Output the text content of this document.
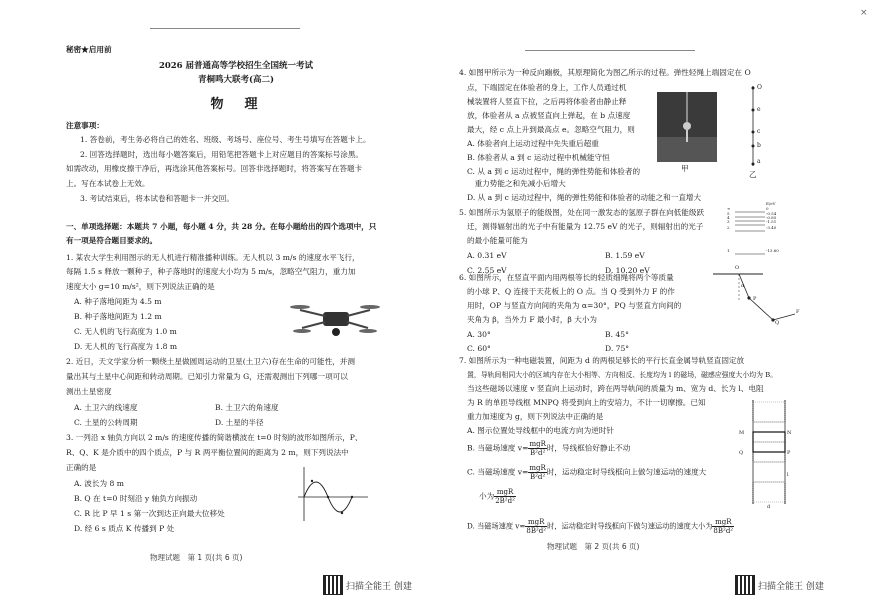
秘密★启用前
2026 届普通高等学校招生全国统一考试
青桐鸣大联考(高二)
物　理
注意事项：
1. 答卷前，考生务必将自己的姓名、班级、考场号、座位号、考生号填写在答题卡上。
2. 回答选择题时，选出每小题答案后，用铅笔把答题卡上对应题目的答案标号涂黑。
如需改动，用橡皮擦干净后，再选涂其他答案标号。回答非选择题时，将答案写在答题卡
上。写在本试卷上无效。
3. 考试结束后，将本试卷和答题卡一并交回。
一、单项选择题：本题共 7 小题，每小题 4 分，共 28 分。在每小题给出的四个选项中，只
有一项是符合题目要求的。
1. 某农大学生利用图示的无人机进行精准播种训练。无人机以 3 m/s 的速度水平飞行，
每隔 1.5 s 释放一颗种子，种子落地时的速度大小均为 5 m/s，忽略空气阻力，重力加
速度大小 g=10 m/s²，则下列说法正确的是
A. 种子落地间距为 4.5 m
B. 种子落地间距为 1.2 m
C. 无人机的飞行高度为 1.0 m
D. 无人机的飞行高度为 1.8 m
2. 近日，天文学家分析一颗绕土星做圆周运动的卫星(土卫六)存在生命的可能性，并测
量出其与土星中心间距和转动周期。已知引力常量为 G，还需观测出下列哪一项可以
测出土星密度
A. 土卫六的线速度	B. 土卫六的角速度
C. 土星的公转周期	D. 土星的半径
3. 一列沿 x 轴负方向以 2 m/s 的速度传播的简谐横波在 t=0 时刻的波形如图所示，P、
R、Q、K 是介质中的四个质点，P 与 R 两平衡位置间的距离为 2 m，则下列说法中
正确的是
A. 波长为 8 m
B. Q 在 t=0 时刻沿 y 轴负方向振动
C. R 比 P 早 1 s 第一次到达正向最大位移处
D. 经 6 s 质点 K 传播到 P 处
物理试题　第 1 页(共 6 页)
扫描全能王 创建
×
4. 如图甲所示为一种反向蹦极，其原理简化为图乙所示的过程。弹性轻绳上端固定在 O
点，下端固定在体验者的身上，工作人员通过机
械装置将人竖直下拉，之后再将体验者由静止释
放，体验者从 a 点被竖直向上弹起，在 b 点速度
最大，经 c 点上升到最高点 e。忽略空气阻力，则
A. 体验者向上运动过程中先失重后超重
B. 体验者从 a 到 c 运动过程中机械能守恒
C. 从 a 到 c 运动过程中，绳的弹性势能和体验者的
　重力势能之和先减小后增大
D. 从 a 到 c 运动过程中，绳的弹性势能和体验者的动能之和一直增大
甲
O
e
c
b
a
乙
5. 如图所示为氢原子的能级图，处在同一激发态的氢原子群在向低能级跃
迁，测得辐射出的光子中有能量为 12.75 eV 的光子，则辐射出的光子
的最小能量可能为
A. 0.31 eV	B. 1.59 eV
C. 2.55 eV	D. 10.20 eV
∞
5
4
3
2
1
E/eV
0
-0.54
-0.85
-1.51
-3.40
-13.60
6. 如图所示，在竖直平面内用两根等长的轻质细绳将两个等质量
的小球 P、Q 连接于天花板上的 O 点。当 Q 受到外力 F 的作
用时，OP 与竖直方向间的夹角为 α=30°，PQ 与竖直方向间的
夹角为 β，当外力 F 最小时，β 大小为
A. 30°	B. 45°
C. 60°	D. 75°
O
α
P
Q
F
7. 如图所示为一种电磁装置，间距为 d 的两根足够长的平行长直金属导轨竖直固定放
置，导轨间相同大小的区域内存在大小相等、方向相反、长度均为 l 的磁场，磁感应强度大小均为 B。
当这些磁场以速度 v 竖直向上运动时，跨在两导轨间的质量为 m、宽为 d、长为 l、电阻
为 R 的单匝导线框 MNPQ 将受到向上的安培力，不计一切摩擦。已知
重力加速度为 g，则下列说法中正确的是
A. 图示位置处导线框中的电流方向为逆时针
B. 当磁场速度 $v= \frac{\text{mgR}}{\text{B²d²}}$ 时，导线框恰好静止不动
C. 当磁场速度 $v= \frac{\text{mgR}}{\text{B²d²}}$ 时，运动稳定时导线框向上做匀速运动的速度大
小为 $\frac{\text{mgR}}{\text{2B²d²}}$
D. 当磁场速度 $v= \frac{\text{mgR}}{\text{8B²d²}}$ 时，运动稳定时导线框向下做匀速运动的速度大小为 $\frac{\text{mgR}}{\text{8B²d²}}$
M	N
Q	P
l
d
物理试题　第 2 页(共 6 页)
扫描全能王 创建
